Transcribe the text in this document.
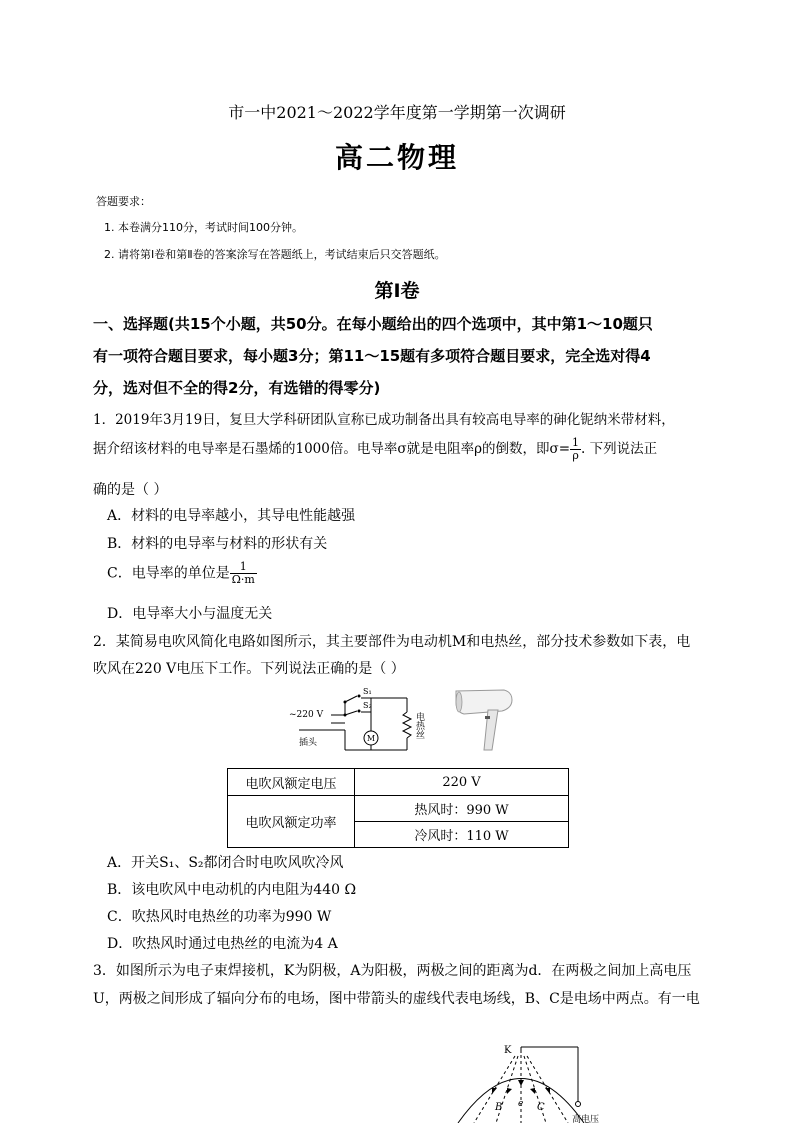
市一中2021～2022学年度第一学期第一次调研
高二物理
答题要求：
1. 本卷满分110分，考试时间100分钟。
2. 请将第Ⅰ卷和第Ⅱ卷的答案涂写在答题纸上，考试结束后只交答题纸。
第Ⅰ卷
一、选择题(共15个小题，共50分。在每小题给出的四个选项中，其中第1～10题只
有一项符合题目要求，每小题3分；第11～15题有多项符合题目要求，完全选对得4
分，选对但不全的得2分，有选错的得零分)
1．2019年3月19日，复旦大学科研团队宣称已成功制备出具有较高电导率的砷化铌纳米带材料，
据介绍该材料的电导率是石墨烯的1000倍。电导率σ就是电阻率ρ的倒数，即$\sigma= \frac{1}{\rho}$ . 下列说法正
确的是（ ）
A．材料的电导率越小，其导电性能越强
B．材料的电导率与材料的形状有关
C．电导率的单位是 $\frac{1}{\Omega\cdot m}$
D．电导率大小与温度无关
2．某简易电吹风简化电路如图所示，其主要部件为电动机M和电热丝，部分技术参数如下表，电
吹风在220 V电压下工作。下列说法正确的是（ ）
~220 V
插头
S₁
S₂
M	电热丝
电吹风额定电压	220 V
电吹风额定功率	热风时：990 W
	冷风时：110 W
A．开关S₁、S₂都闭合时电吹风吹冷风
B．该电吹风中电动机的内电阻为440 Ω
C．吹热风时电热丝的功率为990 W
D．吹热风时通过电热丝的电流为4 A
3．如图所示为电子束焊接机，K为阴极，A为阳极，两极之间的距离为d．在两极之间加上高电压
U，两极之间形成了辐向分布的电场，图中带箭头的虚线代表电场线，B、C是电场中两点。有一电
K
B e C
高电压
